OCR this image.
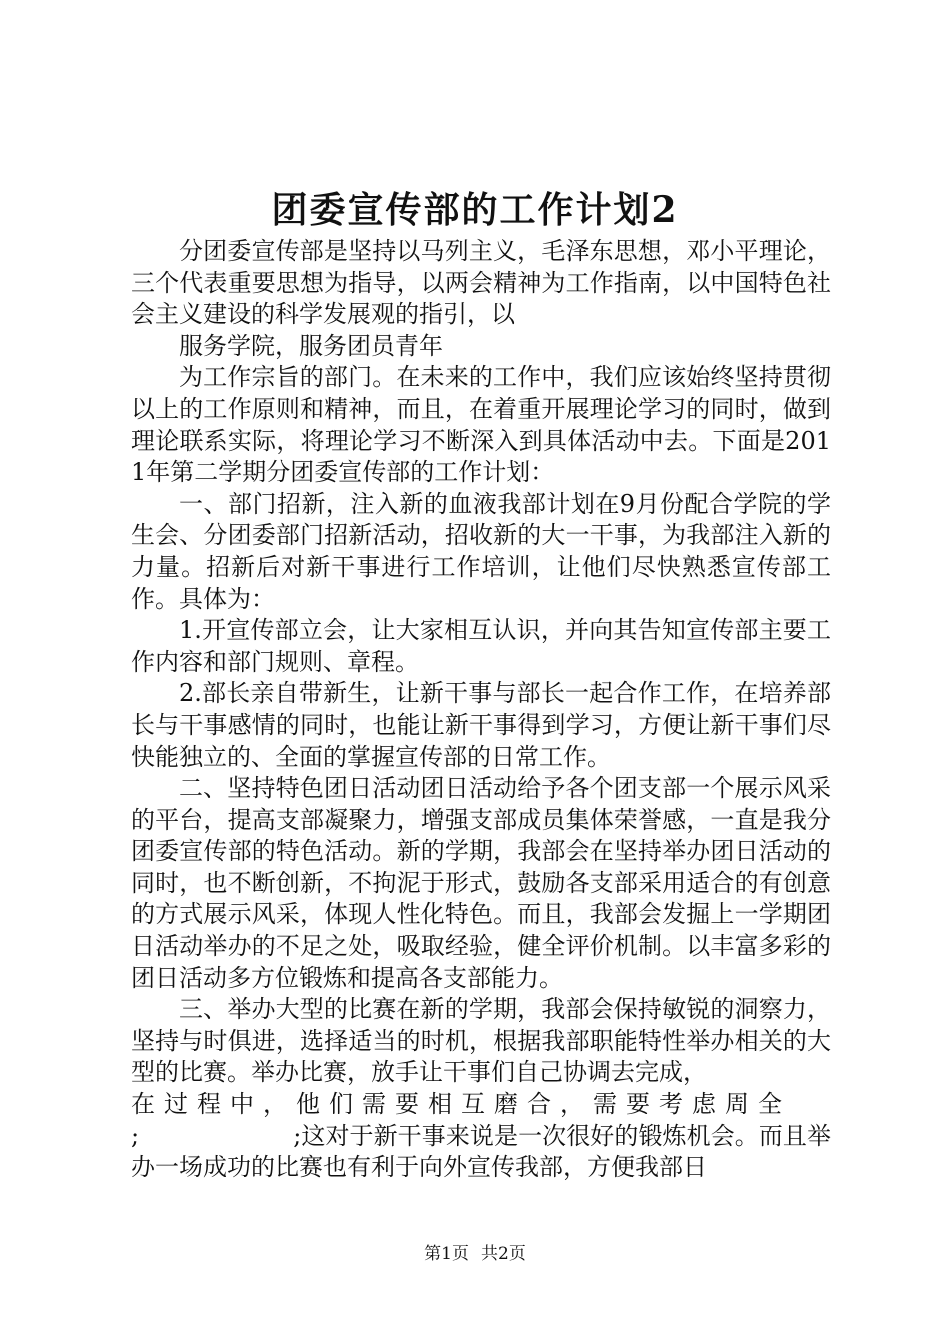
团委宣传部的工作计划2

分团委宣传部是坚持以马列主义，毛泽东思想，邓小平理论，三个代表重要思想为指导，以两会精神为工作指南，以中国特色社会主义建设的科学发展观的指引，以

服务学院，服务团员青年

为工作宗旨的部门。在未来的工作中，我们应该始终坚持贯彻以上的工作原则和精神，而且，在着重开展理论学习的同时，做到理论联系实际，将理论学习不断深入到具体活动中去。下面是2011年第二学期分团委宣传部的工作计划：

一、部门招新，注入新的血液我部计划在9月份配合学院的学生会、分团委部门招新活动，招收新的大一干事，为我部注入新的力量。招新后对新干事进行工作培训，让他们尽快熟悉宣传部工作。具体为：

1.开宣传部立会，让大家相互认识，并向其告知宣传部主要工作内容和部门规则、章程。

2.部长亲自带新生，让新干事与部长一起合作工作，在培养部长与干事感情的同时，也能让新干事得到学习，方便让新干事们尽快能独立的、全面的掌握宣传部的日常工作。

二、坚持特色团日活动团日活动给予各个团支部一个展示风采的平台，提高支部凝聚力，增强支部成员集体荣誉感，一直是我分团委宣传部的特色活动。新的学期，我部会在坚持举办团日活动的同时，也不断创新，不拘泥于形式，鼓励各支部采用适合的有创意的方式展示风采，体现人性化特色。而且，我部会发掘上一学期团日活动举办的不足之处，吸取经验，健全评价机制。以丰富多彩的团日活动多方位锻炼和提高各支部能力。

三、举办大型的比赛在新的学期，我部会保持敏锐的洞察力，坚持与时俱进，选择适当的时机，根据我部职能特性举办相关的大型的比赛。举办比赛，放手让干事们自己协调去完成，

在过程中，他们需要相互磨合，需要考虑周全

;                    ;这对于新干事来说是一次很好的锻炼机会。而且举办一场成功的比赛也有利于向外宣传我部，方便我部日

第1页 共2页
